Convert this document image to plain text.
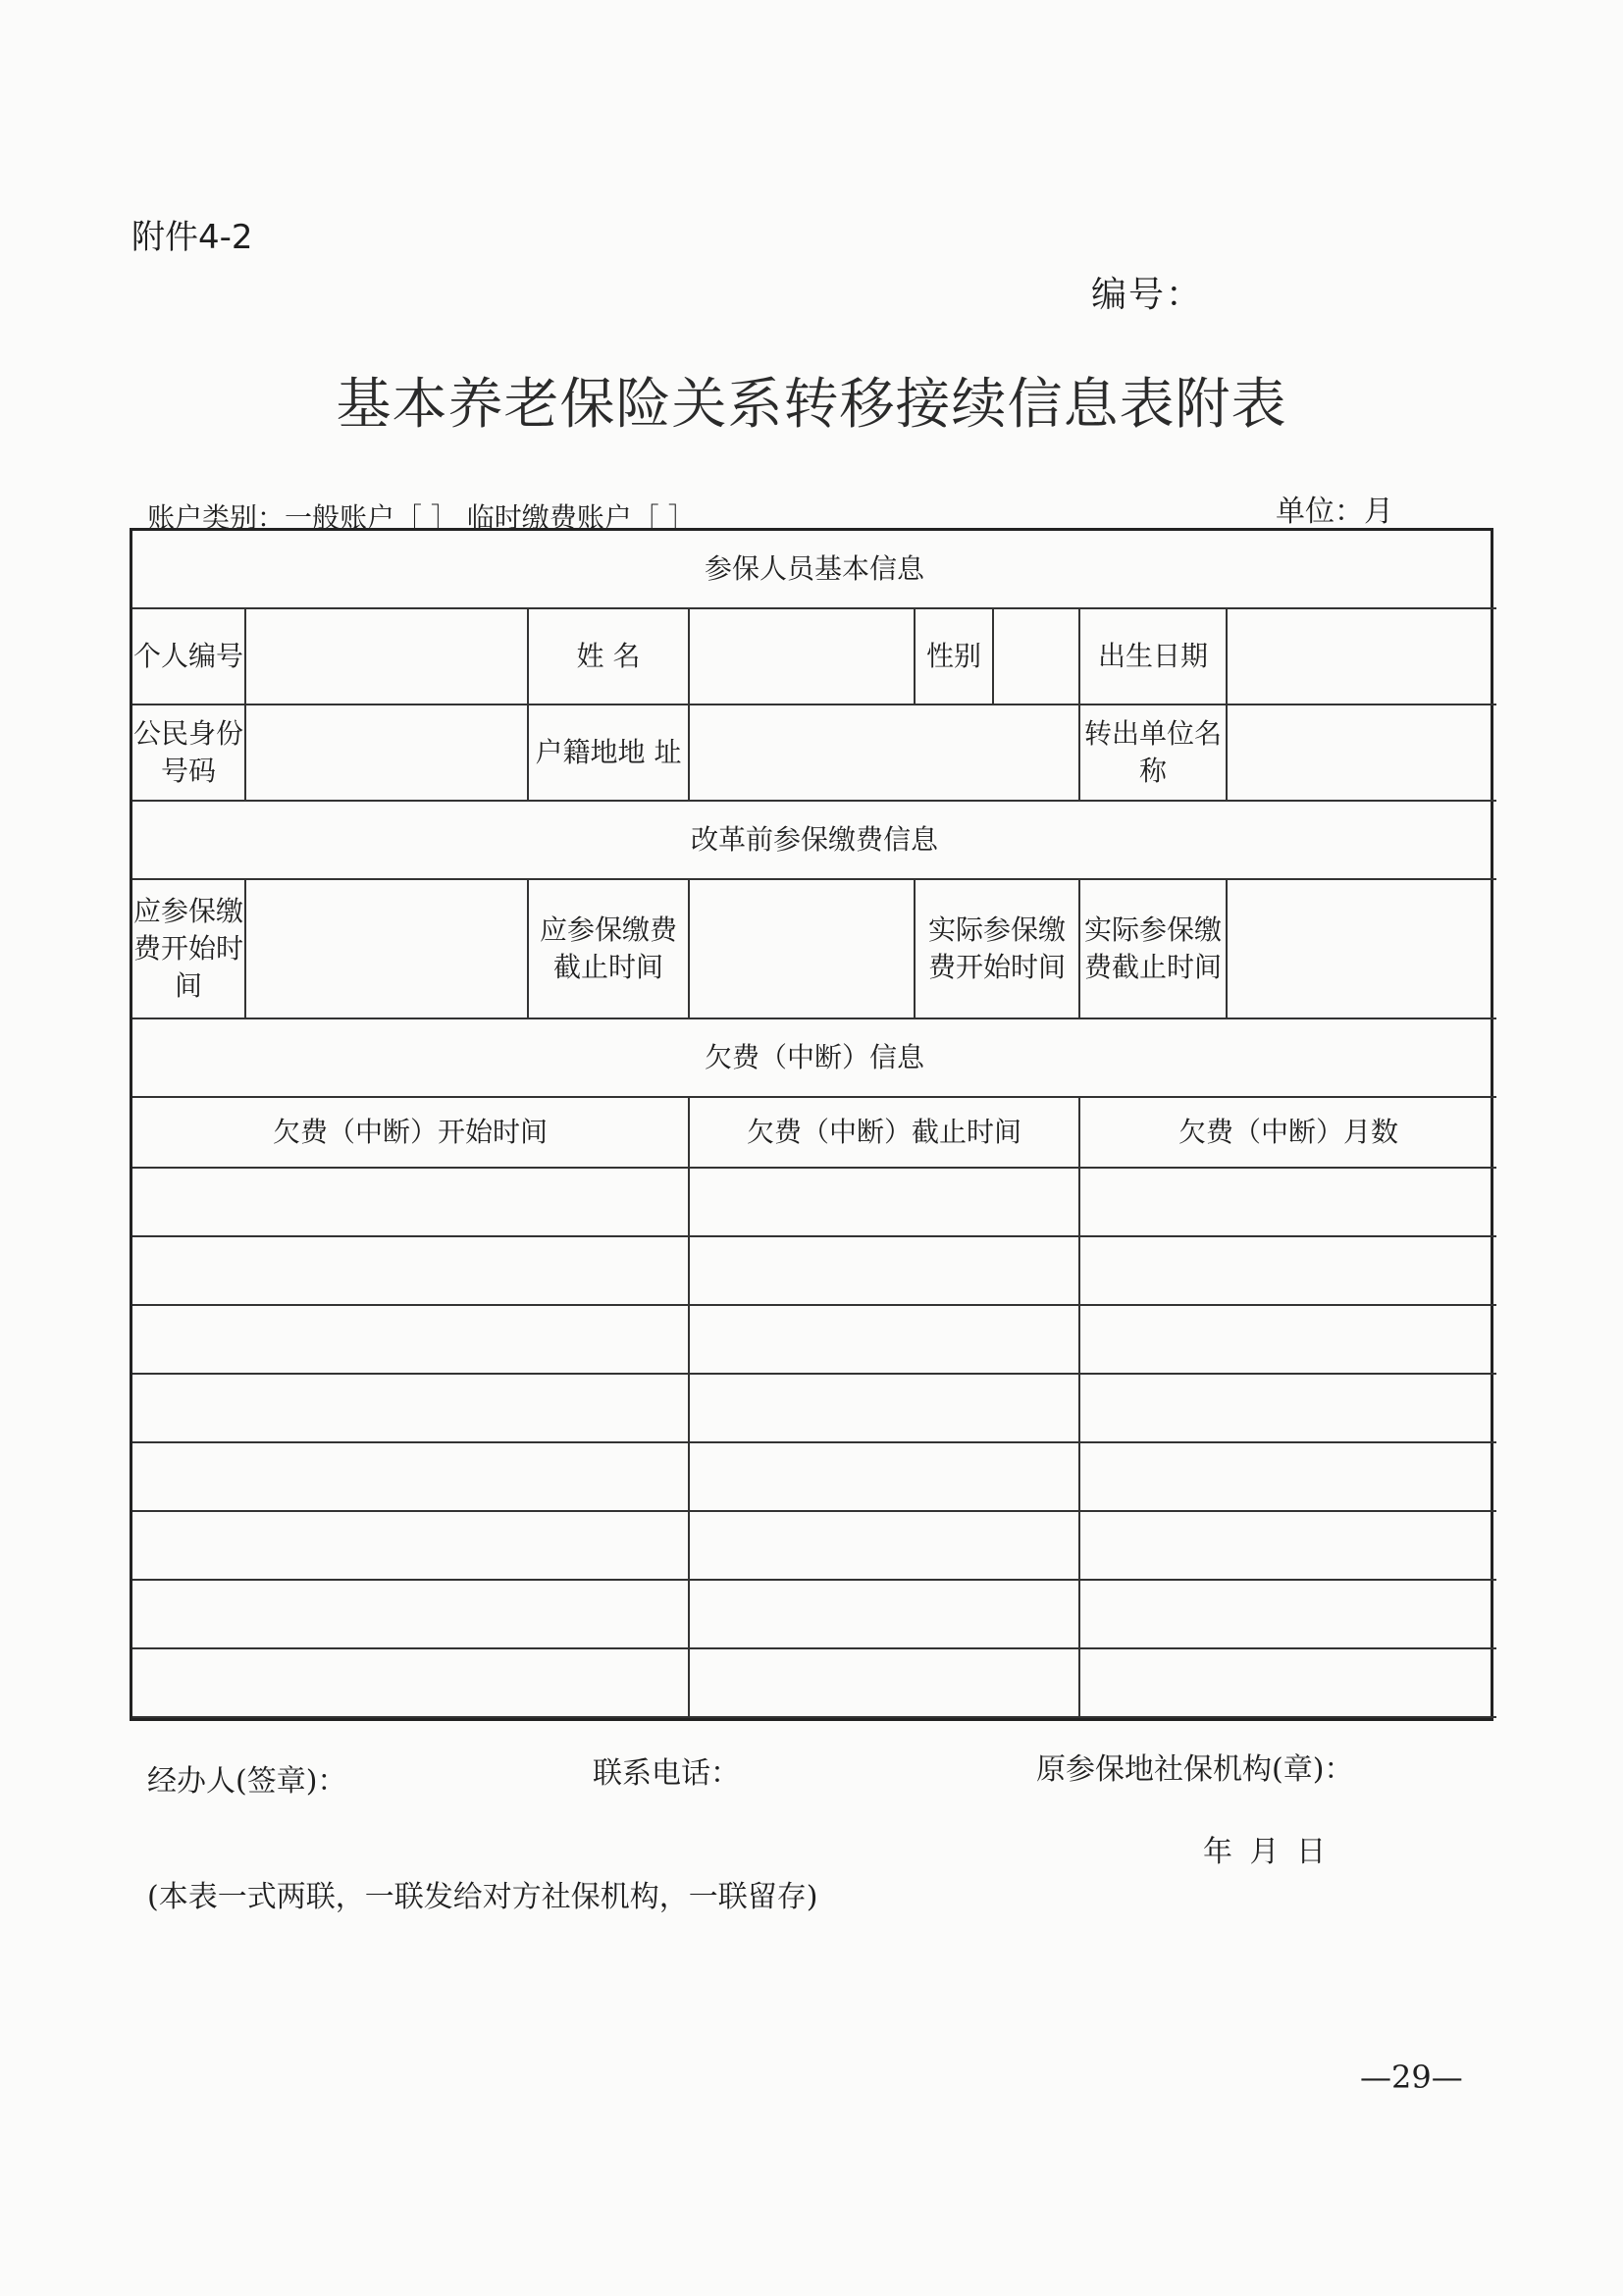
附件4-2
编号：
基本养老保险关系转移接续信息表附表
账户类别：一般账户［ ］ 临时缴费账户［ ］	单位：月
参保人员基本信息							
个人编号		姓 名		性别		出生日期	
公民身份号码		户籍地地 址				转出单位名 称	
改革前参保缴费信息							
应参保缴费开始时间		应参保缴费截止时间		实际参保缴费开始时间		实际参保缴费截止时间	
欠费（中断）信息							
欠费（中断）开始时间			欠费（中断）截止时间			欠费（中断）月数	

经办人(签章)：	联系电话：	原参保地社保机构(章)：
年 月 日
(本表一式两联，一联发给对方社保机构，一联留存)
—29—
